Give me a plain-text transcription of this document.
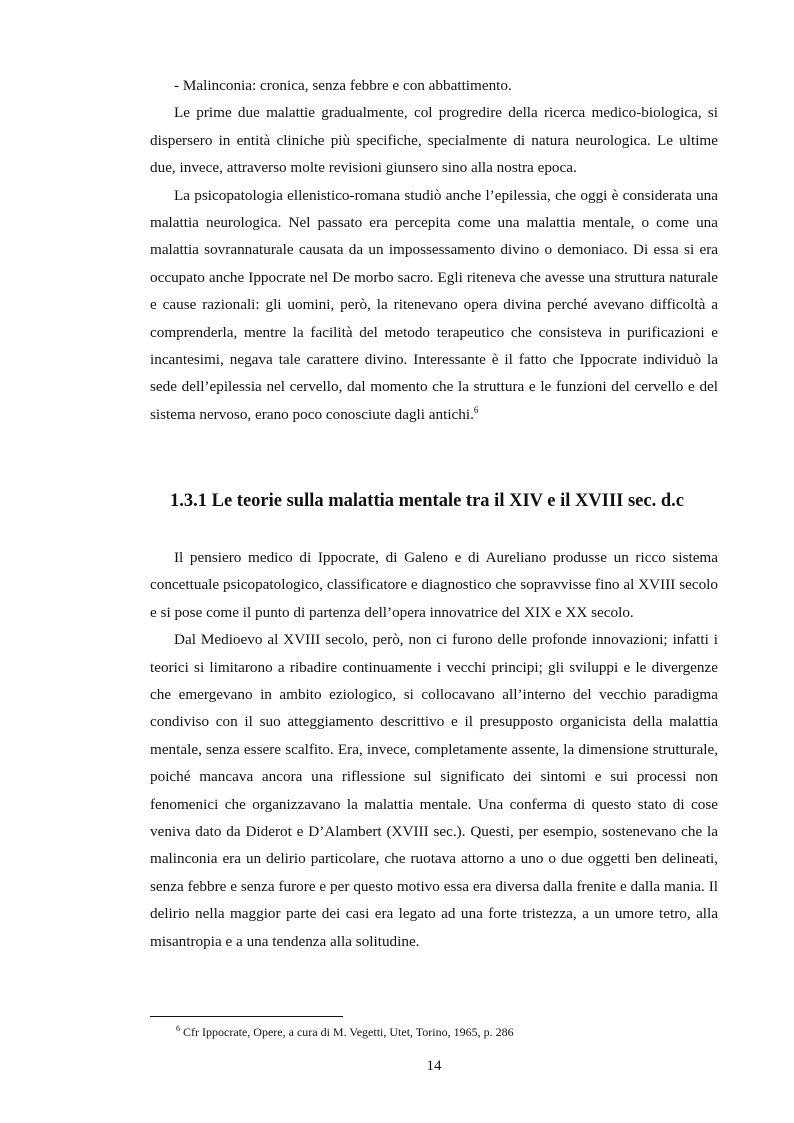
- Malinconia: cronica, senza febbre e con abbattimento.

Le prime due malattie gradualmente, col progredire della ricerca medico-biologica, si dispersero in entità cliniche più specifiche, specialmente di natura neurologica. Le ultime due, invece, attraverso molte revisioni giunsero sino alla nostra epoca.

La psicopatologia ellenistico-romana studiò anche l’epilessia, che oggi è considerata una malattia neurologica. Nel passato era percepita come una malattia mentale, o come una malattia sovrannaturale causata da un impossessamento divino o demoniaco. Di essa si era occupato anche Ippocrate nel De morbo sacro. Egli riteneva che avesse una struttura naturale e cause razionali: gli uomini, però, la ritenevano opera divina perché avevano difficoltà a comprenderla, mentre la facilità del metodo terapeutico che consisteva in purificazioni e incantesimi, negava tale carattere divino. Interessante è il fatto che Ippocrate individuò la sede dell’epilessia nel cervello, dal momento che la struttura e le funzioni del cervello e del sistema nervoso, erano poco conosciute dagli antichi.$^6$

1.3.1 Le teorie sulla malattia mentale tra il XIV e il XVIII sec. d.c

Il pensiero medico di Ippocrate, di Galeno e di Aureliano produsse un ricco sistema concettuale psicopatologico, classificatore e diagnostico che sopravvisse fino al XVIII secolo e si pose come il punto di partenza dell’opera innovatrice del XIX e XX secolo.

Dal Medioevo al XVIII secolo, però, non ci furono delle profonde innovazioni; infatti i teorici si limitarono a ribadire continuamente i vecchi principi; gli sviluppi e le divergenze che emergevano in ambito eziologico, si collocavano all’interno del vecchio paradigma condiviso con il suo atteggiamento descrittivo e il presupposto organicista della malattia mentale, senza essere scalfito. Era, invece, completamente assente, la dimensione strutturale, poiché mancava ancora una riflessione sul significato dei sintomi e sui processi non fenomenici che organizzavano la malattia mentale. Una conferma di questo stato di cose veniva dato da Diderot e D’Alambert (XVIII sec.). Questi, per esempio, sostenevano che la malinconia era un delirio particolare, che ruotava attorno a uno o due oggetti ben delineati, senza febbre e senza furore e per questo motivo essa era diversa dalla frenite e dalla mania. Il delirio nella maggior parte dei casi era legato ad una forte tristezza, a un umore tetro, alla misantropia e a una tendenza alla solitudine.

$^6$ Cfr Ippocrate, Opere, a cura di M. Vegetti, Utet, Torino, 1965, p. 286
14
